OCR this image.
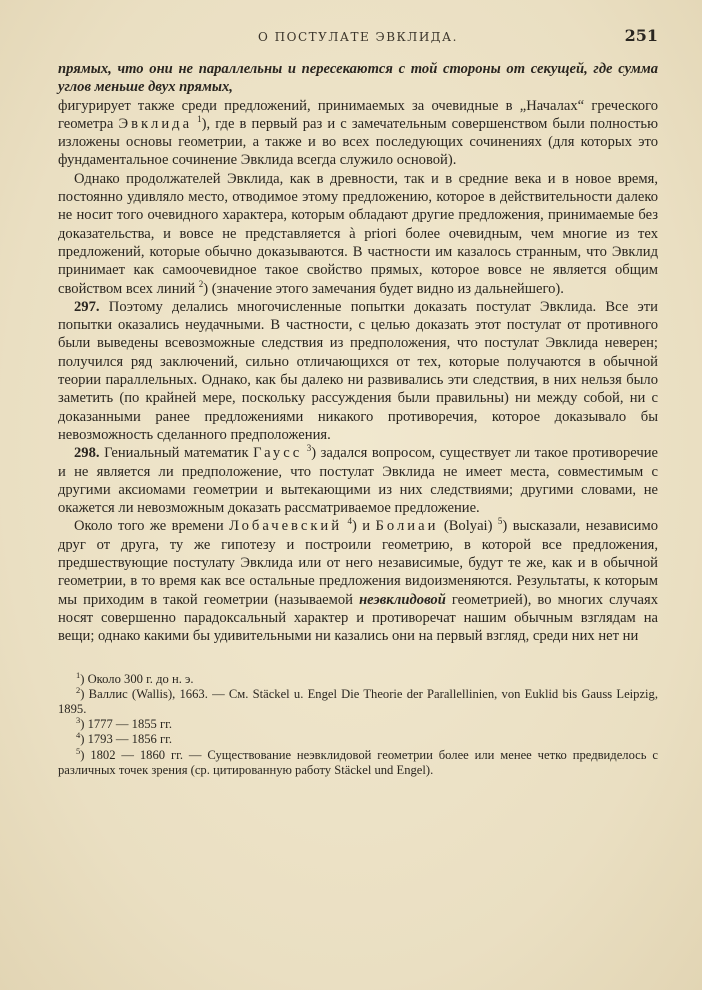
О ПОСТУЛАТЕ ЭВКЛИДА.	251

прямых, что они не параллельны и пересекаются с той стороны от секущей, где сумма углов меньше двух прямых,
фигурирует также среди предложений, принимаемых за очевидные в „Началах“ греческого геометра Эвклида $^1$), где в первый раз и с замечательным совершенством были полностью изложены основы геометрии, а также и во всех последующих сочинениях (для которых это фундаментальное сочинение Эвклида всегда служило основой).

Однако продолжателей Эвклида, как в древности, так и в средние века и в новое время, постоянно удивляло место, отводимое этому предложению, которое в действительности далеко не носит того очевидного характера, которым обладают другие предложения, принимаемые без доказательства, и вовсе не представляется à priori более очевидным, чем многие из тех предложений, которые обычно доказываются. В частности им казалось странным, что Эвклид принимает как самоочевидное такое свойство прямых, которое вовсе не является общим свойством всех линий $^2$) (значение этого замечания будет видно из дальнейшего).

297. Поэтому делались многочисленные попытки доказать постулат Эвклида. Все эти попытки оказались неудачными. В частности, с целью доказать этот постулат от противного были выведены всевозможные следствия из предположения, что постулат Эвклида неверен; получился ряд заключений, сильно отличающихся от тех, которые получаются в обычной теории параллельных. Однако, как бы далеко ни развивались эти следствия, в них нельзя было заметить (по крайней мере, поскольку рассуждения были правильны) ни между собой, ни с доказанными ранее предложениями никакого противоречия, которое доказывало бы невозможность сделанного предположения.

298. Гениальный математик Гаусс $^3$) задался вопросом, существует ли такое противоречие и не является ли предположение, что постулат Эвклида не имеет места, совместимым с другими аксиомами геометрии и вытекающими из них следствиями; другими словами, не окажется ли невозможным доказать рассматриваемое предложение.

Около того же времени Лобачевский $^4$) и Болиаи (Bolyai) $^5$) высказали, независимо друг от друга, ту же гипотезу и построили геометрию, в которой все предложения, предшествующие постулату Эвклида или от него независимые, будут те же, как и в обычной геометрии, в то время как все остальные предложения видоизменяются. Результаты, к которым мы приходим в такой геометрии (называемой неэвклидовой геометрией), во многих случаях носят совершенно парадоксальный характер и противоречат нашим обычным взглядам на вещи; однако какими бы удивительными ни казались они на первый взгляд, среди них нет ни

$^1$) Около 300 г. до н. э.

$^2$) Валлис (Wallis), 1663. — См. Stäckel u. Engel Die Theorie der Parallellinien, von Euklid bis Gauss Leipzig, 1895.

$^3$) 1777 — 1855 гг.

$^4$) 1793 — 1856 гг.

$^5$) 1802 — 1860 гг. — Существование неэвклидовой геометрии более или менее четко предвиделось с различных точек зрения (ср. цитированную работу Stäckel und Engel).
